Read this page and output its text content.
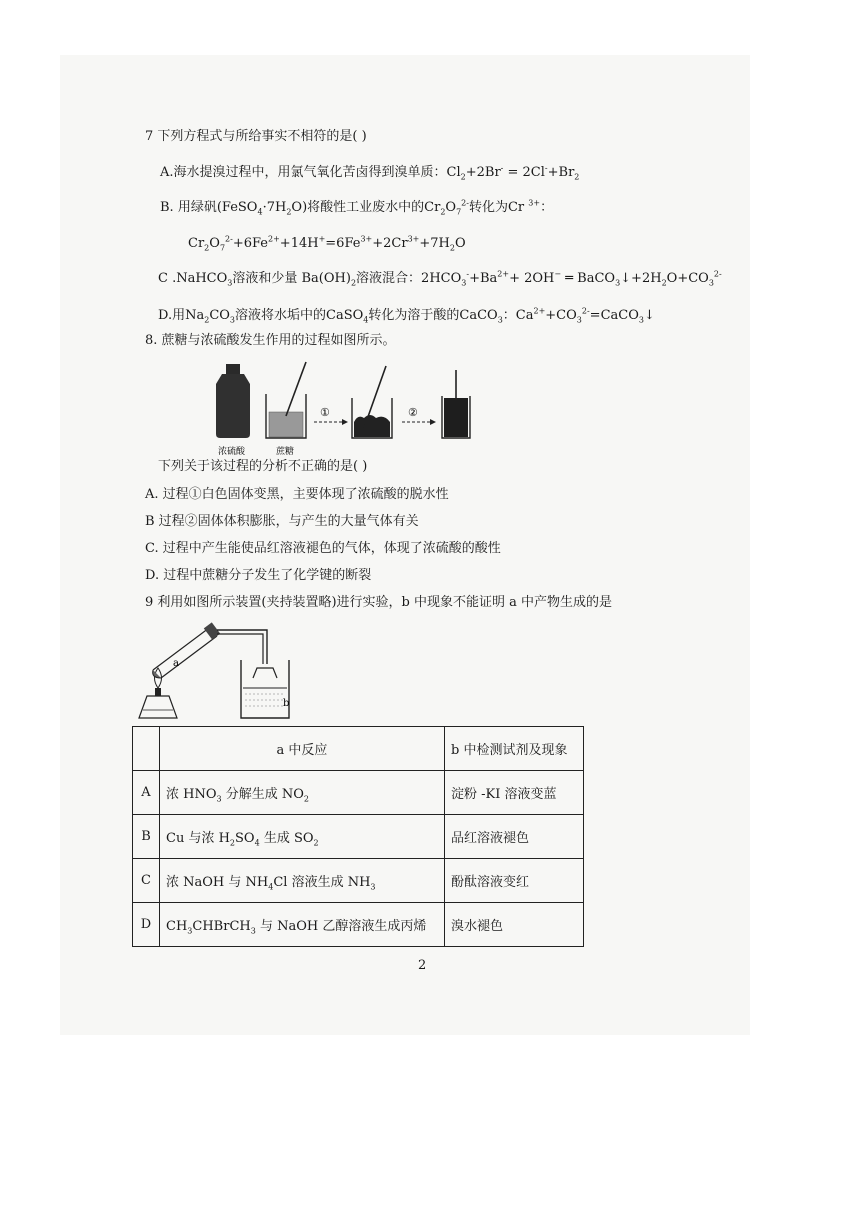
7 下列方程式与所给事实不相符的是( )
A.海水提溴过程中，用氯气氧化苦卤得到溴单质：$Cl_2+2Br^- = 2Cl^-+Br_2$
B. 用绿矾$(FeSO_4\cdot 7H_2O)$将酸性工业废水中的$Cr_2O_7^{2-}$转化为Cr $^{3+}$：
$Cr_2O_7^{2-}+6Fe^{2+}+14H^+=6Fe^{3+}+2Cr^{3+}+7H_2O$
C .NaHCO$_3$溶液和少量 $Ba(OH)_2$溶液混合：$2HCO_3^-+Ba^{2+}+ 2OH^-$ ═ $BaCO_3↓+2H_2O+CO_3^{2-}$
D.用$Na_2CO_3$溶液将水垢中的CaSO$_4$转化为溶于酸的CaCO$_3$：$Ca^{2+}+CO_3^{2-}=CaCO_3↓$
8. 蔗糖与浓硫酸发生作用的过程如图所示。
①	②
浓硫酸	蔗糖
下列关于该过程的分析不正确的是( )
A. 过程①白色固体变黑，主要体现了浓硫酸的脱水性
B 过程②固体体积膨胀，与产生的大量气体有关
C. 过程中产生能使品红溶液褪色的气体，体现了浓硫酸的酸性
D. 过程中蔗糖分子发生了化学键的断裂
9 利用如图所示装置(夹持装置略)进行实验，b 中现象不能证明 a 中产物生成的是
a
b
	a 中反应	b 中检测试剂及现象
A	浓 $HNO_3$ 分解生成 $NO_2$	淀粉 -KI 溶液变蓝
B	Cu 与浓 $H_2SO_4$ 生成 $SO_2$	品红溶液褪色
C	浓 NaOH 与 $NH_4Cl$ 溶液生成 $NH_3$	酚酞溶液变红
D	$CH_3CHBrCH_3$ 与 NaOH 乙醇溶液生成丙烯	溴水褪色
2
